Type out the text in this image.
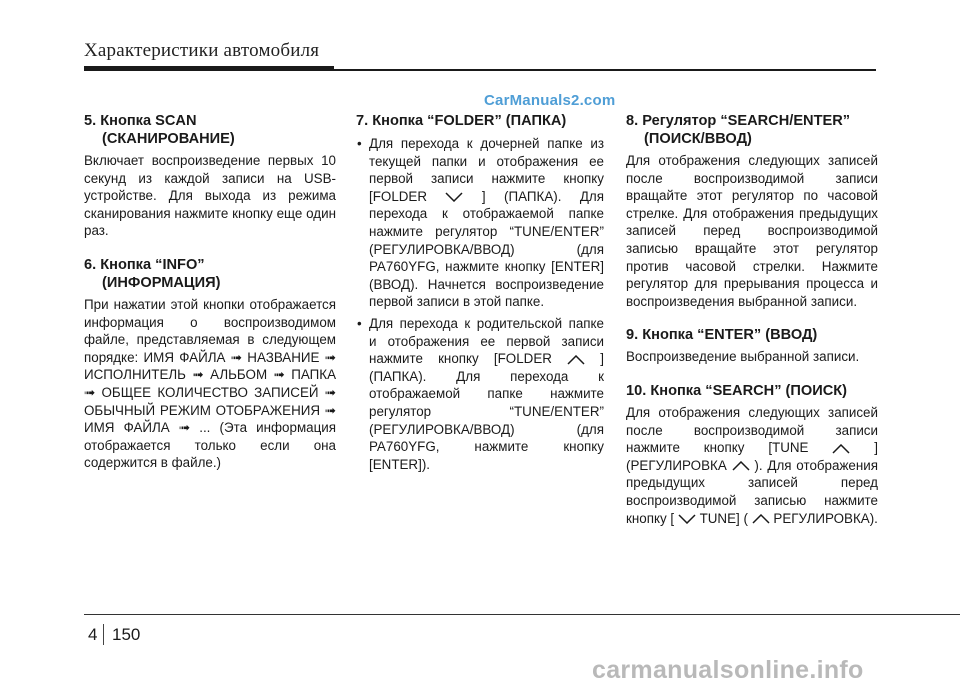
Характеристики автомобиля
CarManuals2.com
5. Кнопка SCAN
(СКАНИРОВАНИЕ)

Включает воспроизведение первых 10 секунд из каждой записи на USB-устройстве. Для выхода из режима сканирования нажмите кнопку еще один раз.

6. Кнопка “INFO”
(ИНФОРМАЦИЯ)

При нажатии этой кнопки отображается информация о воспроизводимом файле, представляемая в следующем порядке: ИМЯ ФАЙЛА ➟ НАЗВАНИЕ ➟ ИСПОЛНИТЕЛЬ ➟ АЛЬБОМ ➟ ПАПКА ➟ ОБЩЕЕ КОЛИЧЕСТВО ЗАПИСЕЙ ➟ ОБЫЧНЫЙ РЕЖИМ ОТОБРАЖЕНИЯ ➟ ИМЯ ФАЙЛА ➟ ... (Эта информация отображается только если она содержится в файле.)

7. Кнопка “FOLDER” (ПАПКА)
• Для перехода к дочерней папке из текущей папки и отображения ее первой записи нажмите кнопку [FOLDER	] (ПАПКА). Для перехода к отображаемой папке нажмите регулятор “TUNE/ENTER” (РЕГУЛИРОВКА/ВВОД) (для PA760YFG, нажмите кнопку [ENTER] (ВВОД). Начнется воспроизведение первой записи в этой папке.
• Для перехода к родительской папке и отображения ее первой записи нажмите кнопку [FOLDER	] (ПАПКА). Для перехода к отображаемой папке нажмите регулятор “TUNE/ENTER” (РЕГУЛИРОВКА/ВВОД) (для PA760YFG, нажмите кнопку [ENTER]).
8. Регулятор “SEARCH/ENTER”
(ПОИСК/ВВОД)

Для отображения следующих записей после воспроизводимой записи вращайте этот регулятор по часовой стрелке. Для отображения предыдущих записей перед воспроизводимой записью вращайте этот регулятор против часовой стрелки. Нажмите регулятор для прерывания процесса и воспроизведения выбранной записи.

9. Кнопка “ENTER” (ВВОД)

Воспроизведение выбранной записи.

10. Кнопка “SEARCH” (ПОИСК)

Для отображения следующих записей после воспроизводимой записи нажмите кнопку [TUNE	] (РЕГУЛИРОВКА ). Для отображения предыдущих записей перед воспроизводимой записью нажмите кнопку [ TUNE] ( РЕГУЛИРОВКА).

4 150
carmanualsonline.info
